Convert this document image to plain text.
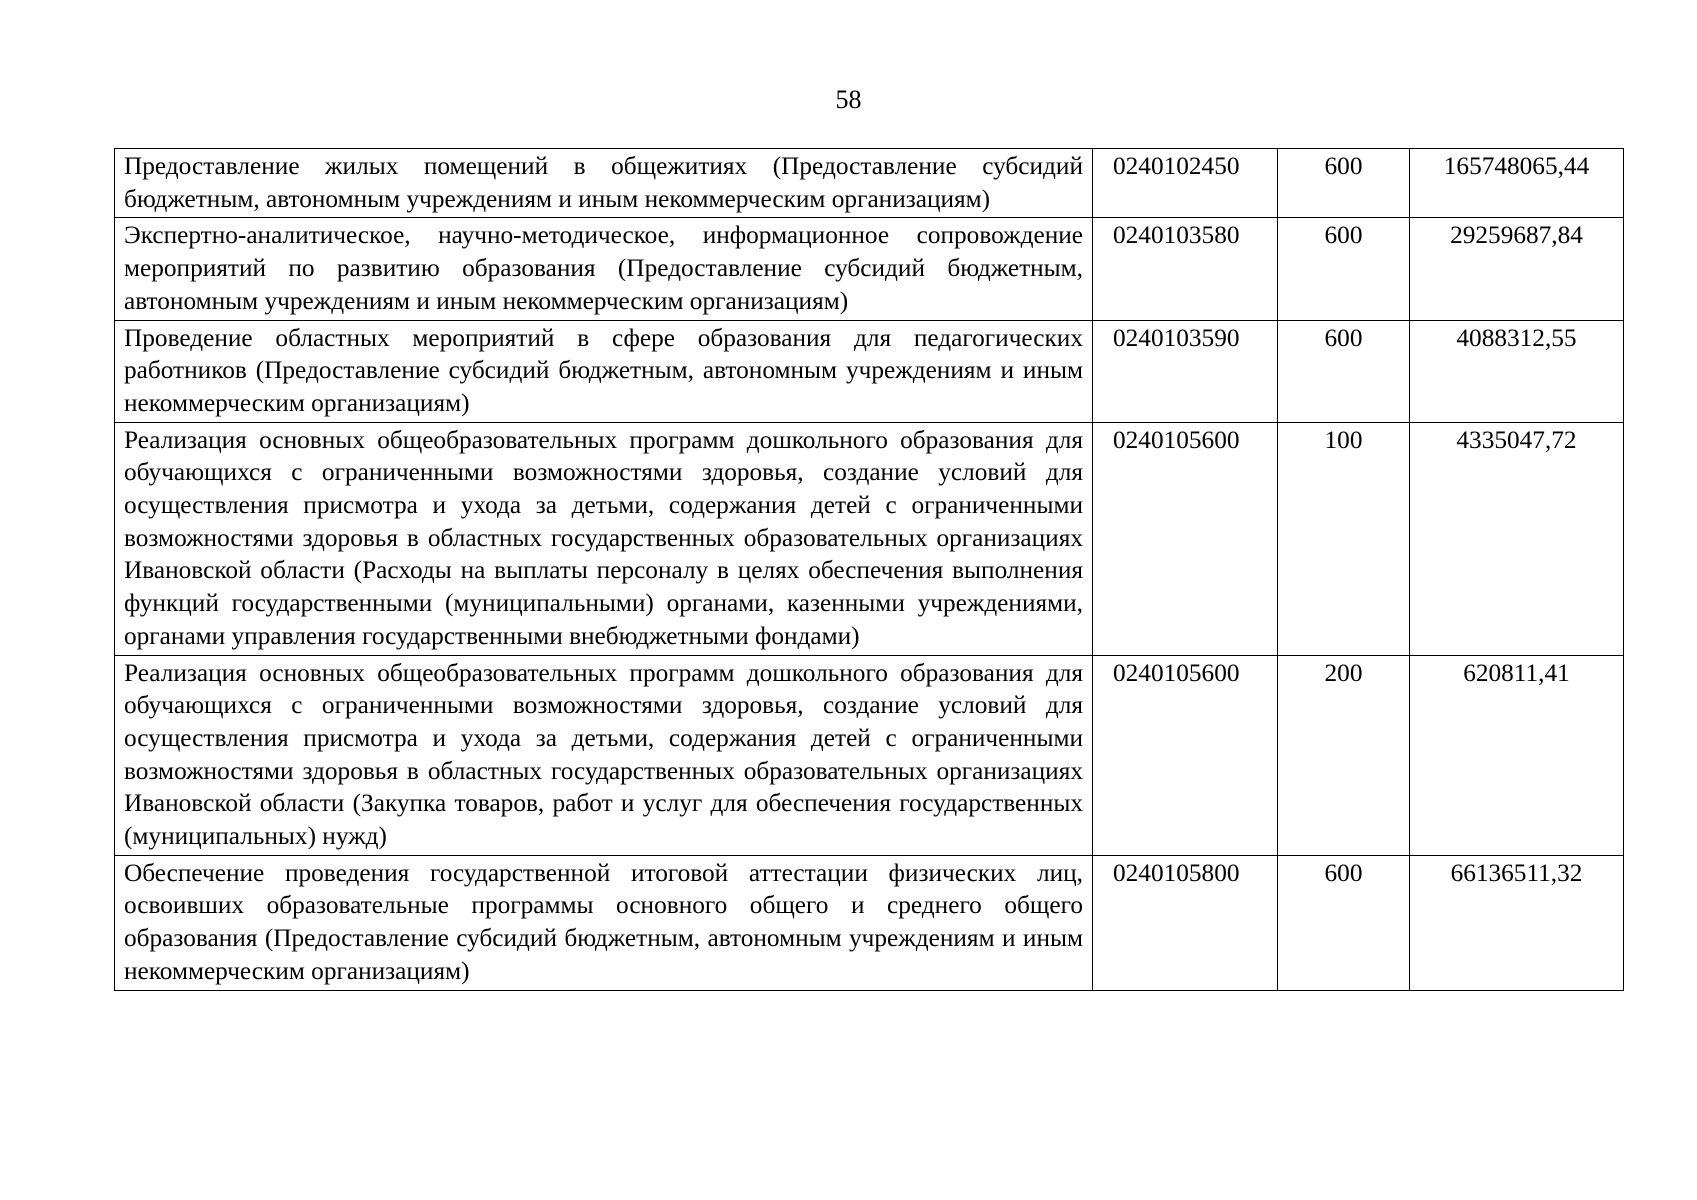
58
Предоставление жилых помещений в общежитиях (Предоставление субсидий бюджетным, автономным учреждениям и иным некоммерческим организациям)	0240102450	600	165748065,44
Экспертно-аналитическое, научно-методическое, информационное сопровождение мероприятий по развитию образования (Предоставление субсидий бюджетным, автономным учреждениям и иным некоммерческим организациям)	0240103580	600	29259687,84
Проведение областных мероприятий в сфере образования для педагогических работников (Предоставление субсидий бюджетным, автономным учреждениям и иным некоммерческим организациям)	0240103590	600	4088312,55
Реализация основных общеобразовательных программ дошкольного образования для обучающихся с ограниченными возможностями здоровья, создание условий для осуществления присмотра и ухода за детьми, содержания детей с ограниченными возможностями здоровья в областных государственных образовательных организациях Ивановской области (Расходы на выплаты персоналу в целях обеспечения выполнения функций государственными (муниципальными) органами, казенными учреждениями, органами управления государственными внебюджетными фондами)	0240105600	100	4335047,72
Реализация основных общеобразовательных программ дошкольного образования для обучающихся с ограниченными возможностями здоровья, создание условий для осуществления присмотра и ухода за детьми, содержания детей с ограниченными возможностями здоровья в областных государственных образовательных организациях Ивановской области (Закупка товаров, работ и услуг для обеспечения государственных (муниципальных) нужд)	0240105600	200	620811,41
Обеспечение проведения государственной итоговой аттестации физических лиц, освоивших образовательные программы основного общего и среднего общего образования (Предоставление субсидий бюджетным, автономным учреждениям и иным некоммерческим организациям)	0240105800	600	66136511,32
